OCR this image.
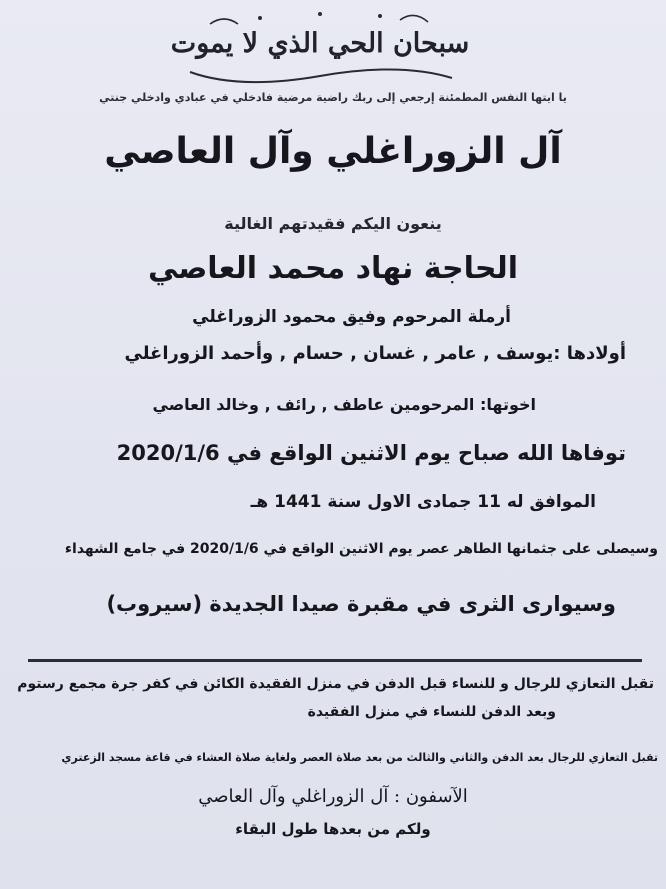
سبحان الحي الذي لا يموت
يا ايتها النفس المطمئنة إرجعي إلى ربك راضية مرضية فادخلي في عبادي وادخلي جنتي
آل الزوراغلي وآل العاصي
ينعون اليكم فقيدتهم الغالية
الحاجة نهاد محمد العاصي
أرملة المرحوم وفيق محمود الزوراغلي
أولادها :يوسف , عامر , غسان , حسام , وأحمد الزوراغلي
اخوتها: المرحومين عاطف , رائف , وخالد العاصي
توفاها الله صباح يوم الاثنين الواقع في 2020/1/6
الموافق له 11 جمادى الاول سنة 1441 هـ
وسيصلى على جثمانها الطاهر عصر يوم الاثنين الواقع في 2020/1/6 في جامع الشهداء
وسيوارى الثرى في مقبرة صيدا الجديدة (سيروب)
تقبل التعازي للرجال و للنساء قبل الدفن في منزل الفقيدة الكائن في كفر جرة مجمع رستوم
وبعد الدفن للنساء في منزل الفقيدة
تقبل التعازي للرجال بعد الدفن والثاني والثالث من بعد صلاة العصر ولغاية صلاة العشاء في قاعة مسجد الزعتري
الآسفون : آل الزوراغلي وآل العاصي
ولكم من بعدها طول البقاء
